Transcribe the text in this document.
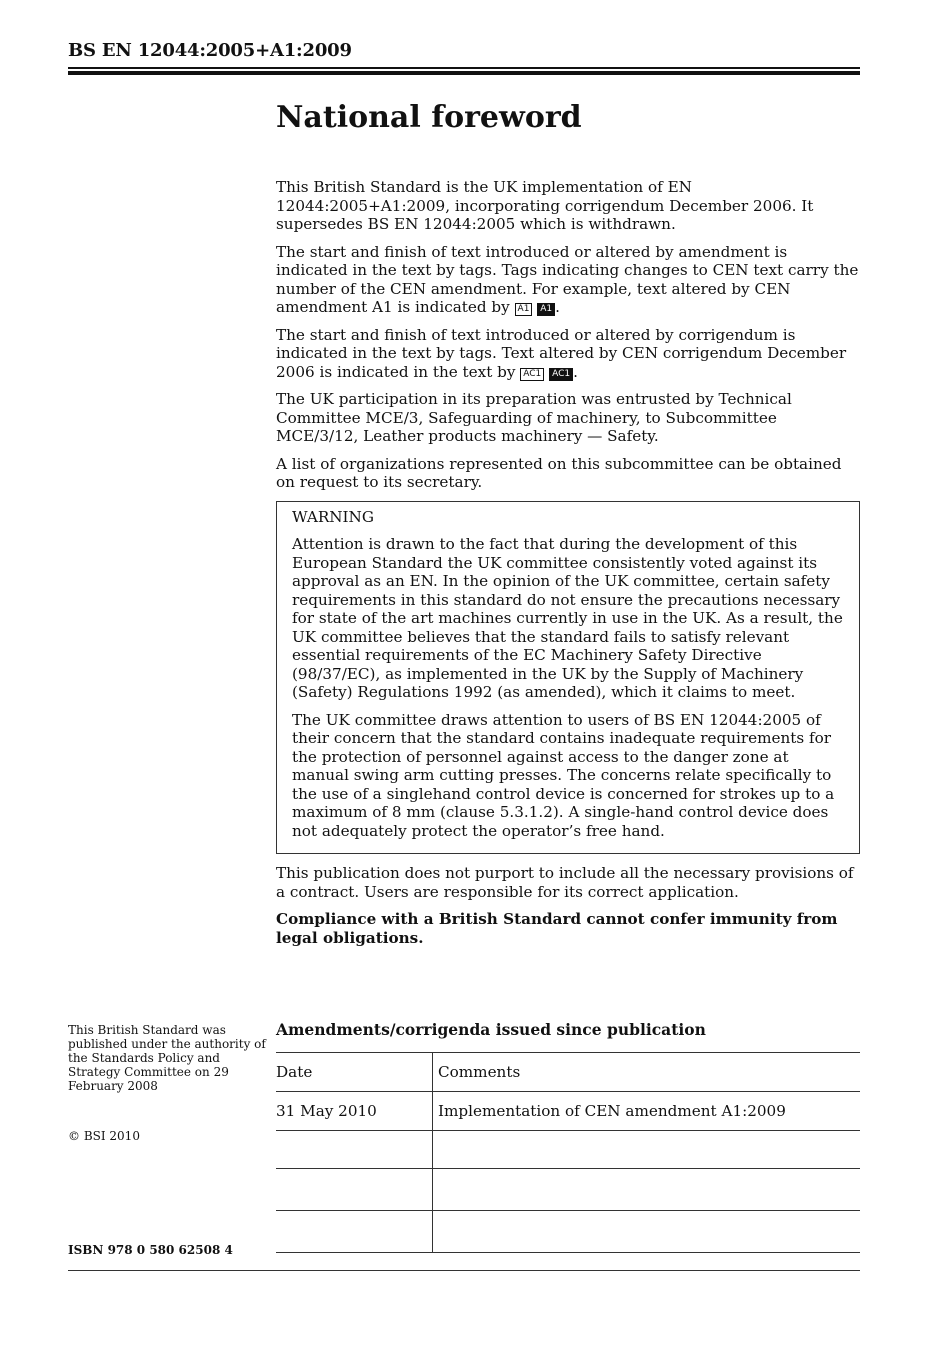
BS EN 12044:2005+A1:2009
National foreword

This British Standard is the UK implementation of EN 12044:2005+A1:2009, incorporating corrigendum December 2006. It supersedes BS EN 12044:2005 which is withdrawn.

The start and finish of text introduced or altered by amendment is indicated in the text by tags. Tags indicating changes to CEN text carry the number of the CEN amendment. For example, text altered by CEN amendment A1 is indicated by A1 A1 .

The start and finish of text introduced or altered by corrigendum is indicated in the text by tags. Text altered by CEN corrigendum December 2006 is indicated in the text by AC1 AC1 .

The UK participation in its preparation was entrusted by Technical Committee MCE/3, Safeguarding of machinery, to Subcommittee MCE/3/12, Leather products machinery — Safety.

A list of organizations represented on this subcommittee can be obtained on request to its secretary.

WARNING

Attention is drawn to the fact that during the development of this European Standard the UK committee consistently voted against its approval as an EN. In the opinion of the UK committee, certain safety requirements in this standard do not ensure the precautions necessary for state of the art machines currently in use in the UK. As a result, the UK committee believes that the standard fails to satisfy relevant essential requirements of the EC Machinery Safety Directive (98/37/EC), as implemented in the UK by the Supply of Machinery (Safety) Regulations 1992 (as amended), which it claims to meet.

The UK committee draws attention to users of BS EN 12044:2005 of their concern that the standard contains inadequate requirements for the protection of personnel against access to the danger zone at manual swing arm cutting presses. The concerns relate specifically to the use of a singlehand control device is concerned for strokes up to a maximum of 8 mm (clause 5.3.1.2). A single-hand control device does not adequately protect the operator’s free hand.

This publication does not purport to include all the necessary provisions of a contract. Users are responsible for its correct application.

Compliance with a British Standard cannot confer immunity from legal obligations.

This British Standard was published under the authority of the Standards Policy and Strategy Committee on 29 February 2008
© BSI 2010
ISBN 978 0 580 62508 4
Amendments/corrigenda issued since publication
Date	Comments
31 May 2010	Implementation of CEN amendment A1:2009
